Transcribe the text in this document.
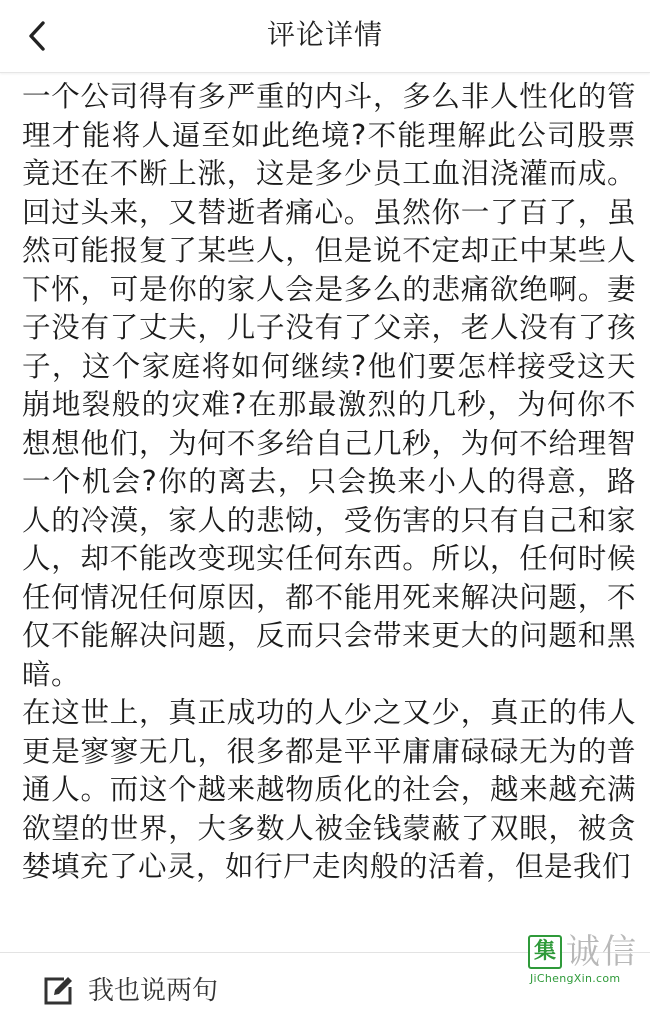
评论详情

一个公司得有多严重的内斗，多么非人性化的管理才能将人逼至如此绝境?不能理解此公司股票竟还在不断上涨，这是多少员工血泪浇灌而成。回过头来，又替逝者痛心。虽然你一了百了，虽然可能报复了某些人，但是说不定却正中某些人下怀，可是你的家人会是多么的悲痛欲绝啊。妻子没有了丈夫，儿子没有了父亲，老人没有了孩子，这个家庭将如何继续?他们要怎样接受这天崩地裂般的灾难?在那最激烈的几秒，为何你不想想他们，为何不多给自己几秒，为何不给理智一个机会?你的离去，只会换来小人的得意，路人的冷漠，家人的悲恸，受伤害的只有自己和家人，却不能改变现实任何东西。所以，任何时候任何情况任何原因，都不能用死来解决问题，不仅不能解决问题，反而只会带来更大的问题和黑暗。

在这世上，真正成功的人少之又少，真正的伟人更是寥寥无几，很多都是平平庸庸碌碌无为的普通人。而这个越来越物质化的社会，越来越充满欲望的世界，大多数人被金钱蒙蔽了双眼，被贪婪填充了心灵，如行尸走肉般的活着，但是我们

我也说两句
集 诚信
JiChengXin.com
